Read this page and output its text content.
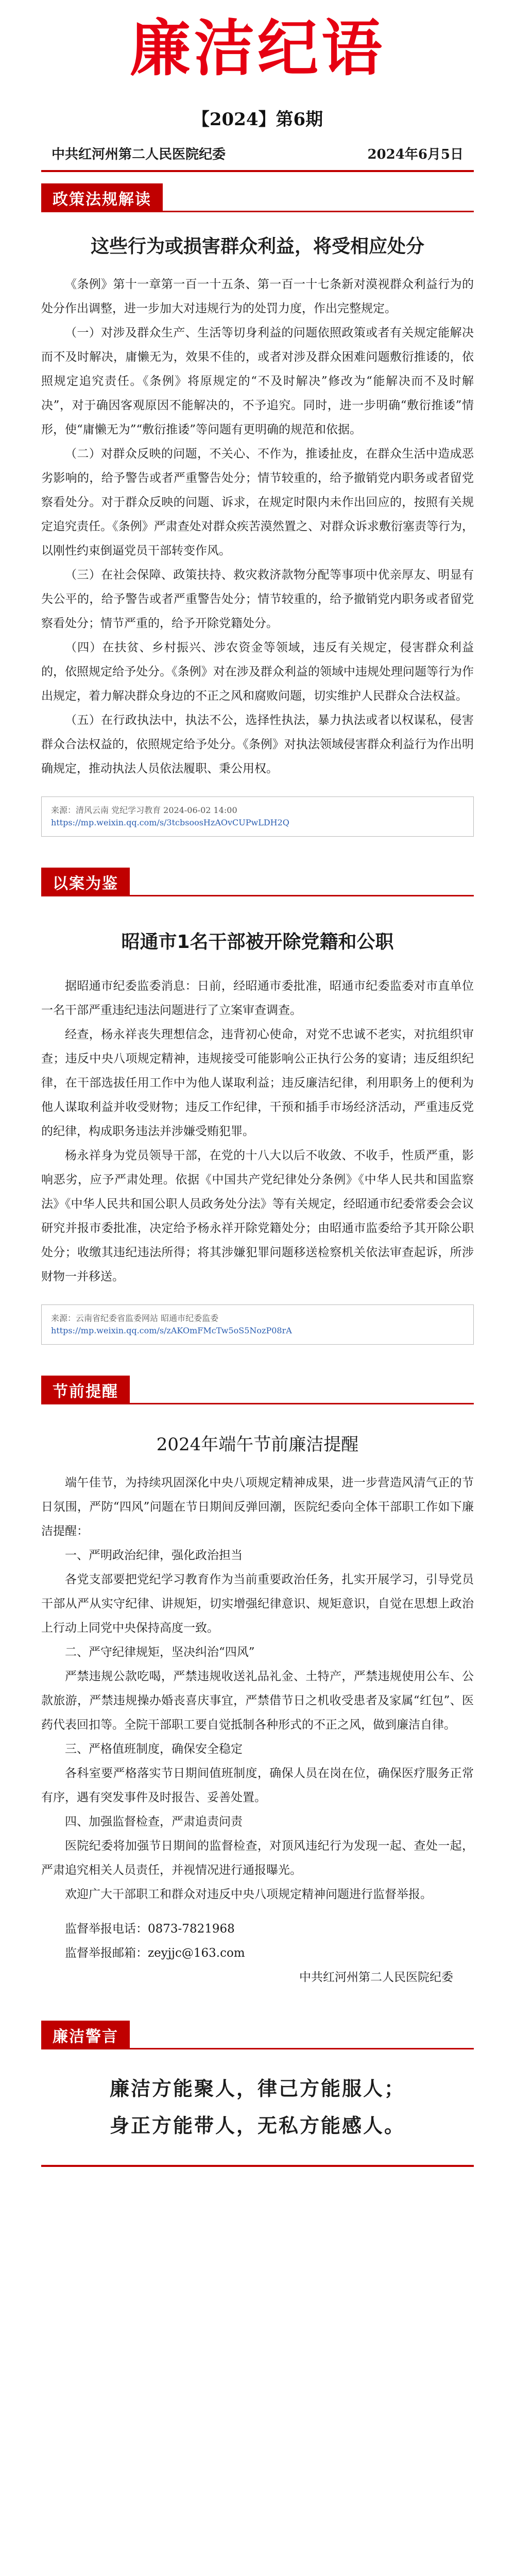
廉洁纪语
【2024】第6期
中共红河州第二人民医院纪委	2024年6月5日
政策法规解读
这些行为或损害群众利益，将受相应处分

《条例》第十一章第一百一十五条、第一百一十七条新对漠视群众利益行为的处分作出调整，进一步加大对违规行为的处罚力度，作出完整规定。

（一）对涉及群众生产、生活等切身利益的问题依照政策或者有关规定能解决而不及时解决，庸懒无为，效果不佳的，或者对涉及群众困难问题敷衍推诿的，依照规定追究责任。《条例》将原规定的“不及时解决”修改为“能解决而不及时解决”，对于确因客观原因不能解决的，不予追究。同时，进一步明确“敷衍推诿”情形，使“庸懒无为”“敷衍推诿”等问题有更明确的规范和依据。

（二）对群众反映的问题，不关心、不作为，推诿扯皮，在群众生活中造成恶劣影响的，给予警告或者严重警告处分；情节较重的，给予撤销党内职务或者留党察看处分。对于群众反映的问题、诉求，在规定时限内未作出回应的，按照有关规定追究责任。《条例》严肃查处对群众疾苦漠然置之、对群众诉求敷衍塞责等行为，以刚性约束倒逼党员干部转变作风。

（三）在社会保障、政策扶持、救灾救济款物分配等事项中优亲厚友、明显有失公平的，给予警告或者严重警告处分；情节较重的，给予撤销党内职务或者留党察看处分；情节严重的，给予开除党籍处分。

（四）在扶贫、乡村振兴、涉农资金等领域，违反有关规定，侵害群众利益的，依照规定给予处分。《条例》对在涉及群众利益的领域中违规处理问题等行为作出规定，着力解决群众身边的不正之风和腐败问题，切实维护人民群众合法权益。

（五）在行政执法中，执法不公，选择性执法，暴力执法或者以权谋私，侵害群众合法权益的，依照规定给予处分。《条例》对执法领域侵害群众利益行为作出明确规定，推动执法人员依法履职、秉公用权。

来源：清风云南 党纪学习教育 2024-06-02 14:00
https://mp.weixin.qq.com/s/3tcbsoosHzAOvCUPwLDH2Q
以案为鉴
昭通市1名干部被开除党籍和公职

据昭通市纪委监委消息：日前，经昭通市委批准，昭通市纪委监委对市直单位一名干部严重违纪违法问题进行了立案审查调查。

经查，杨永祥丧失理想信念，违背初心使命，对党不忠诚不老实，对抗组织审查；违反中央八项规定精神，违规接受可能影响公正执行公务的宴请；违反组织纪律，在干部选拔任用工作中为他人谋取利益；违反廉洁纪律，利用职务上的便利为他人谋取利益并收受财物；违反工作纪律，干预和插手市场经济活动，严重违反党的纪律，构成职务违法并涉嫌受贿犯罪。

杨永祥身为党员领导干部，在党的十八大以后不收敛、不收手，性质严重，影响恶劣，应予严肃处理。依据《中国共产党纪律处分条例》《中华人民共和国监察法》《中华人民共和国公职人员政务处分法》等有关规定，经昭通市纪委常委会会议研究并报市委批准，决定给予杨永祥开除党籍处分；由昭通市监委给予其开除公职处分；收缴其违纪违法所得；将其涉嫌犯罪问题移送检察机关依法审查起诉，所涉财物一并移送。

来源：云南省纪委省监委网站 昭通市纪委监委
https://mp.weixin.qq.com/s/zAKOmFMcTw5oS5NozP08rA
节前提醒
2024年端午节前廉洁提醒

端午佳节，为持续巩固深化中央八项规定精神成果，进一步营造风清气正的节日氛围，严防“四风”问题在节日期间反弹回潮，医院纪委向全体干部职工作如下廉洁提醒：

一、严明政治纪律，强化政治担当

各党支部要把党纪学习教育作为当前重要政治任务，扎实开展学习，引导党员干部从严从实守纪律、讲规矩，切实增强纪律意识、规矩意识，自觉在思想上政治上行动上同党中央保持高度一致。

二、严守纪律规矩，坚决纠治“四风”

严禁违规公款吃喝，严禁违规收送礼品礼金、土特产，严禁违规使用公车、公款旅游，严禁违规操办婚丧喜庆事宜，严禁借节日之机收受患者及家属“红包”、医药代表回扣等。全院干部职工要自觉抵制各种形式的不正之风，做到廉洁自律。

三、严格值班制度，确保安全稳定

各科室要严格落实节日期间值班制度，确保人员在岗在位，确保医疗服务正常有序，遇有突发事件及时报告、妥善处置。

四、加强监督检查，严肃追责问责

医院纪委将加强节日期间的监督检查，对顶风违纪行为发现一起、查处一起，严肃追究相关人员责任，并视情况进行通报曝光。

欢迎广大干部职工和群众对违反中央八项规定精神问题进行监督举报。

监督举报电话：0873-7821968
监督举报邮箱：zeyjjc@163.com
中共红河州第二人民医院纪委
廉洁警言
廉洁方能聚人，律己方能服人；
身正方能带人，无私方能感人。
